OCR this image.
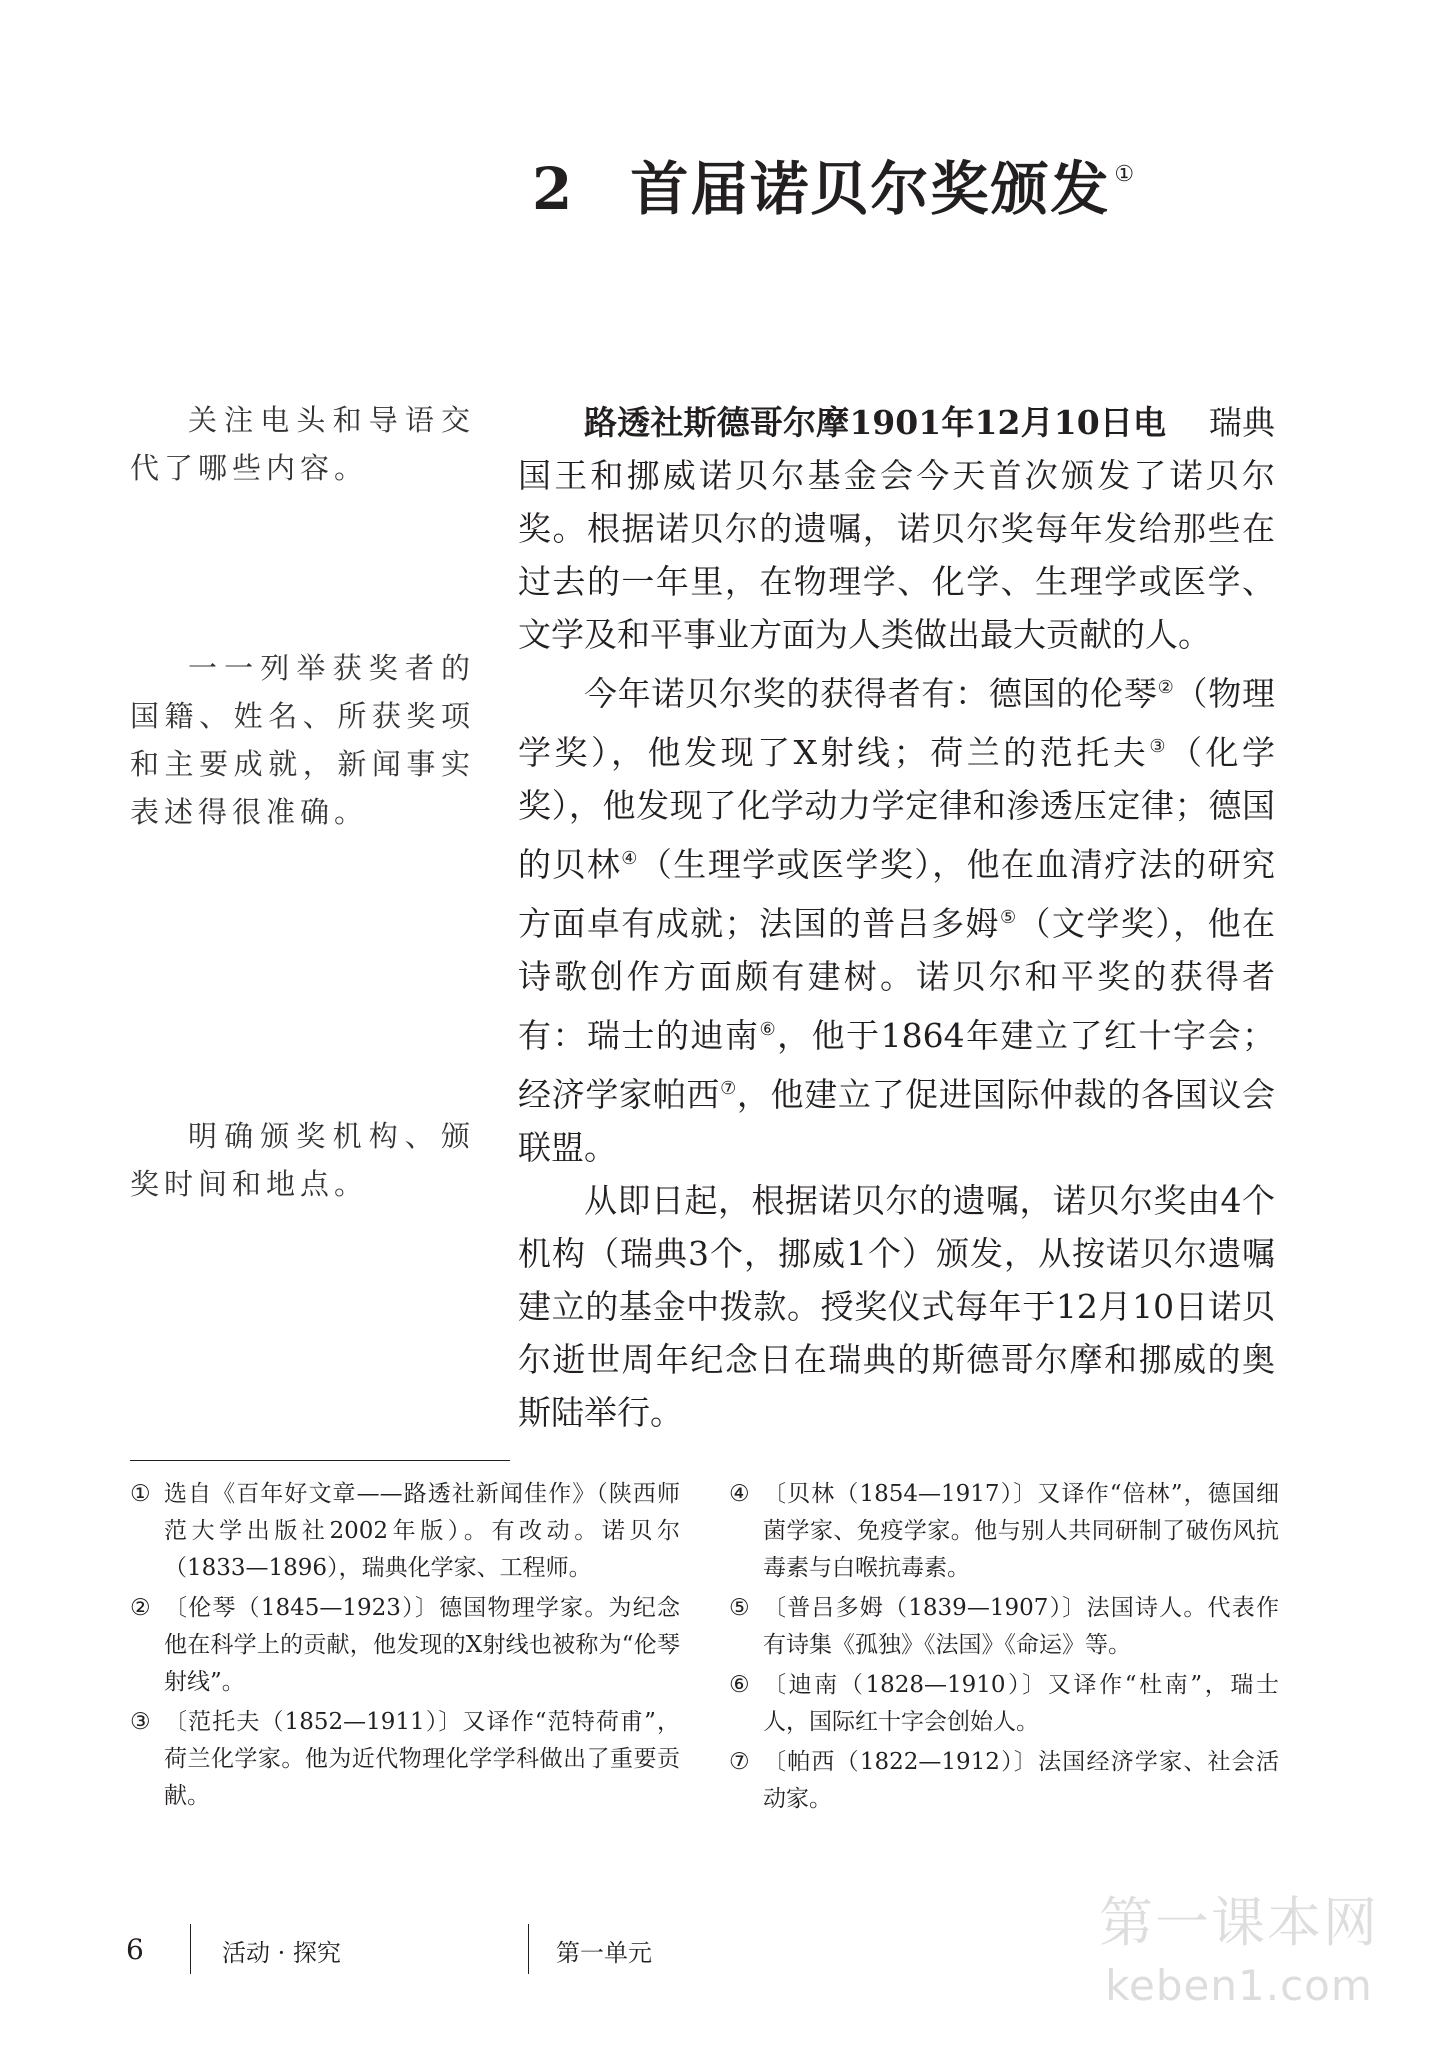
2 首届诺贝尔奖颁发 ①

关注电头和导语交代了哪些内容。

一一列举获奖者的国籍、姓名、所获奖项和主要成就，新闻事实表述得很准确。

明确颁奖机构、颁奖时间和地点。

路透社斯德哥尔摩1901年12月10日电 瑞典国王和挪威诺贝尔基金会今天首次颁发了诺贝尔奖。根据诺贝尔的遗嘱，诺贝尔奖每年发给那些在过去的一年里，在物理学、化学、生理学或医学、文学及和平事业方面为人类做出最大贡献的人。

今年诺贝尔奖的获得者有：德国的伦琴②（物理学奖），他发现了X射线；荷兰的范托夫③（化学奖），他发现了化学动力学定律和渗透压定律；德国的贝林④（生理学或医学奖），他在血清疗法的研究方面卓有成就；法国的普吕多姆⑤（文学奖），他在诗歌创作方面颇有建树。诺贝尔和平奖的获得者有：瑞士的迪南⑥，他于1864年建立了红十字会；经济学家帕西⑦，他建立了促进国际仲裁的各国议会联盟。

从即日起，根据诺贝尔的遗嘱，诺贝尔奖由4个机构（瑞典3个，挪威1个）颁发，从按诺贝尔遗嘱建立的基金中拨款。授奖仪式每年于12月10日诺贝尔逝世周年纪念日在瑞典的斯德哥尔摩和挪威的奥斯陆举行。

① 选自《百年好文章——路透社新闻佳作》（陕西师范大学出版社2002年版）。有改动。诺贝尔（1833—1896），瑞典化学家、工程师。
② 〔伦琴（1845—1923）〕德国物理学家。为纪念他在科学上的贡献，他发现的X射线也被称为“伦琴射线”。
③ 〔范托夫（1852—1911）〕又译作“范特荷甫”，荷兰化学家。他为近代物理化学学科做出了重要贡献。
④ 〔贝林（1854—1917）〕又译作“倍林”，德国细菌学家、免疫学家。他与别人共同研制了破伤风抗毒素与白喉抗毒素。
⑤ 〔普吕多姆（1839—1907）〕法国诗人。代表作有诗集《孤独》《法国》《命运》等。
⑥ 〔迪南（1828—1910）〕又译作“杜南”，瑞士人，国际红十字会创始人。
⑦ 〔帕西（1822—1912）〕法国经济学家、社会活动家。
6	活动 · 探究	第一单元	第一课本网
keben1.com
